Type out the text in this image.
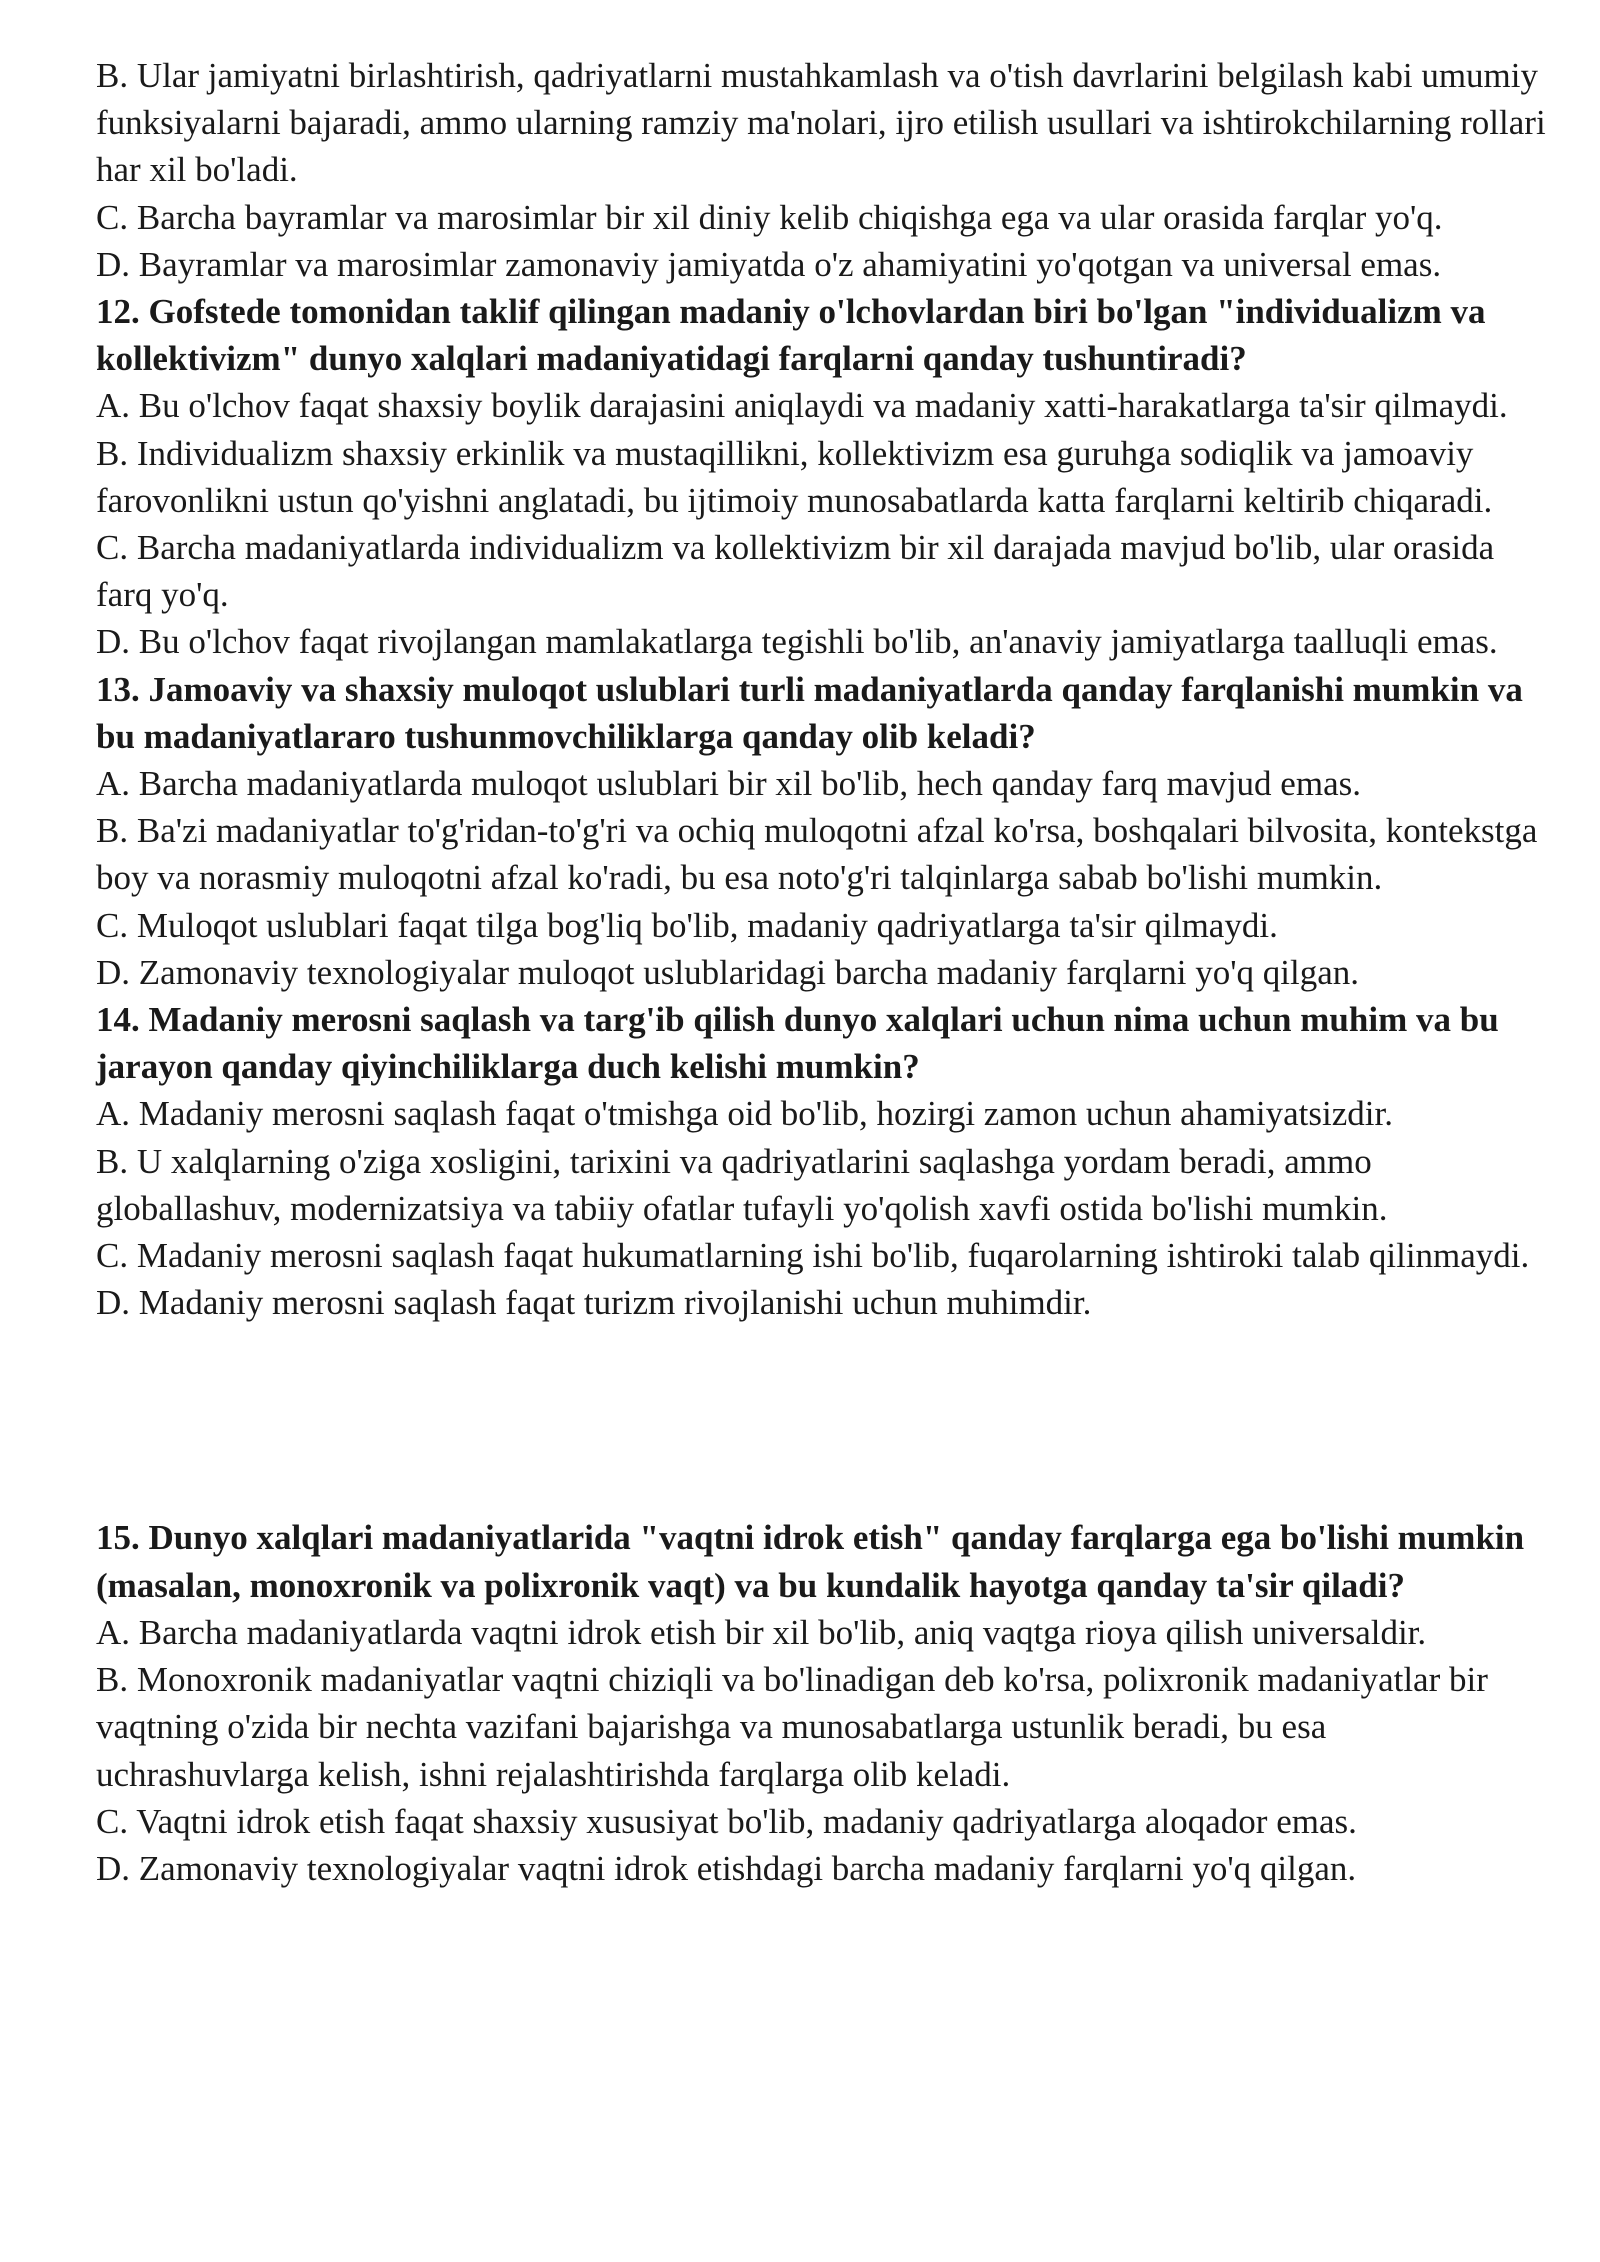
B. Ular jamiyatni birlashtirish, qadriyatlarni mustahkamlash va o'tish davrlarini belgilash kabi umumiy funksiyalarni bajaradi, ammo ularning ramziy ma'nolari, ijro etilish usullari va ishtirokchilarning rollari har xil bo'ladi.

C. Barcha bayramlar va marosimlar bir xil diniy kelib chiqishga ega va ular orasida farqlar yo'q.

D. Bayramlar va marosimlar zamonaviy jamiyatda o'z ahamiyatini yo'qotgan va universal emas.

12. Gofstede tomonidan taklif qilingan madaniy o'lchovlardan biri bo'lgan "individualizm va kollektivizm" dunyo xalqlari madaniyatidagi farqlarni qanday tushuntiradi?

A. Bu o'lchov faqat shaxsiy boylik darajasini aniqlaydi va madaniy xatti-harakatlarga ta'sir qilmaydi.

B. Individualizm shaxsiy erkinlik va mustaqillikni, kollektivizm esa guruhga sodiqlik va jamoaviy farovonlikni ustun qo'yishni anglatadi, bu ijtimoiy munosabatlarda katta farqlarni keltirib chiqaradi.

C. Barcha madaniyatlarda individualizm va kollektivizm bir xil darajada mavjud bo'lib, ular orasida farq yo'q.

D. Bu o'lchov faqat rivojlangan mamlakatlarga tegishli bo'lib, an'anaviy jamiyatlarga taalluqli emas.

13. Jamoaviy va shaxsiy muloqot uslublari turli madaniyatlarda qanday farqlanishi mumkin va bu madaniyatlararo tushunmovchiliklarga qanday olib keladi?

A. Barcha madaniyatlarda muloqot uslublari bir xil bo'lib, hech qanday farq mavjud emas.

B. Ba'zi madaniyatlar to'g'ridan-to'g'ri va ochiq muloqotni afzal ko'rsa, boshqalari bilvosita, kontekstga boy va norasmiy muloqotni afzal ko'radi, bu esa noto'g'ri talqinlarga sabab bo'lishi mumkin.

C. Muloqot uslublari faqat tilga bog'liq bo'lib, madaniy qadriyatlarga ta'sir qilmaydi.

D. Zamonaviy texnologiyalar muloqot uslublaridagi barcha madaniy farqlarni yo'q qilgan.

14. Madaniy merosni saqlash va targ'ib qilish dunyo xalqlari uchun nima uchun muhim va bu jarayon qanday qiyinchiliklarga duch kelishi mumkin?

A. Madaniy merosni saqlash faqat o'tmishga oid bo'lib, hozirgi zamon uchun ahamiyatsizdir.

B. U xalqlarning o'ziga xosligini, tarixini va qadriyatlarini saqlashga yordam beradi, ammo globallashuv, modernizatsiya va tabiiy ofatlar tufayli yo'qolish xavfi ostida bo'lishi mumkin.

C. Madaniy merosni saqlash faqat hukumatlarning ishi bo'lib, fuqarolarning ishtiroki talab qilinmaydi.

D. Madaniy merosni saqlash faqat turizm rivojlanishi uchun muhimdir.

15. Dunyo xalqlari madaniyatlarida "vaqtni idrok etish" qanday farqlarga ega bo'lishi mumkin (masalan, monoxronik va polixronik vaqt) va bu kundalik hayotga qanday ta'sir qiladi?

A. Barcha madaniyatlarda vaqtni idrok etish bir xil bo'lib, aniq vaqtga rioya qilish universaldir.

B. Monoxronik madaniyatlar vaqtni chiziqli va bo'linadigan deb ko'rsa, polixronik madaniyatlar bir vaqtning o'zida bir nechta vazifani bajarishga va munosabatlarga ustunlik beradi, bu esa uchrashuvlarga kelish, ishni rejalashtirishda farqlarga olib keladi.

C. Vaqtni idrok etish faqat shaxsiy xususiyat bo'lib, madaniy qadriyatlarga aloqador emas.

D. Zamonaviy texnologiyalar vaqtni idrok etishdagi barcha madaniy farqlarni yo'q qilgan.
